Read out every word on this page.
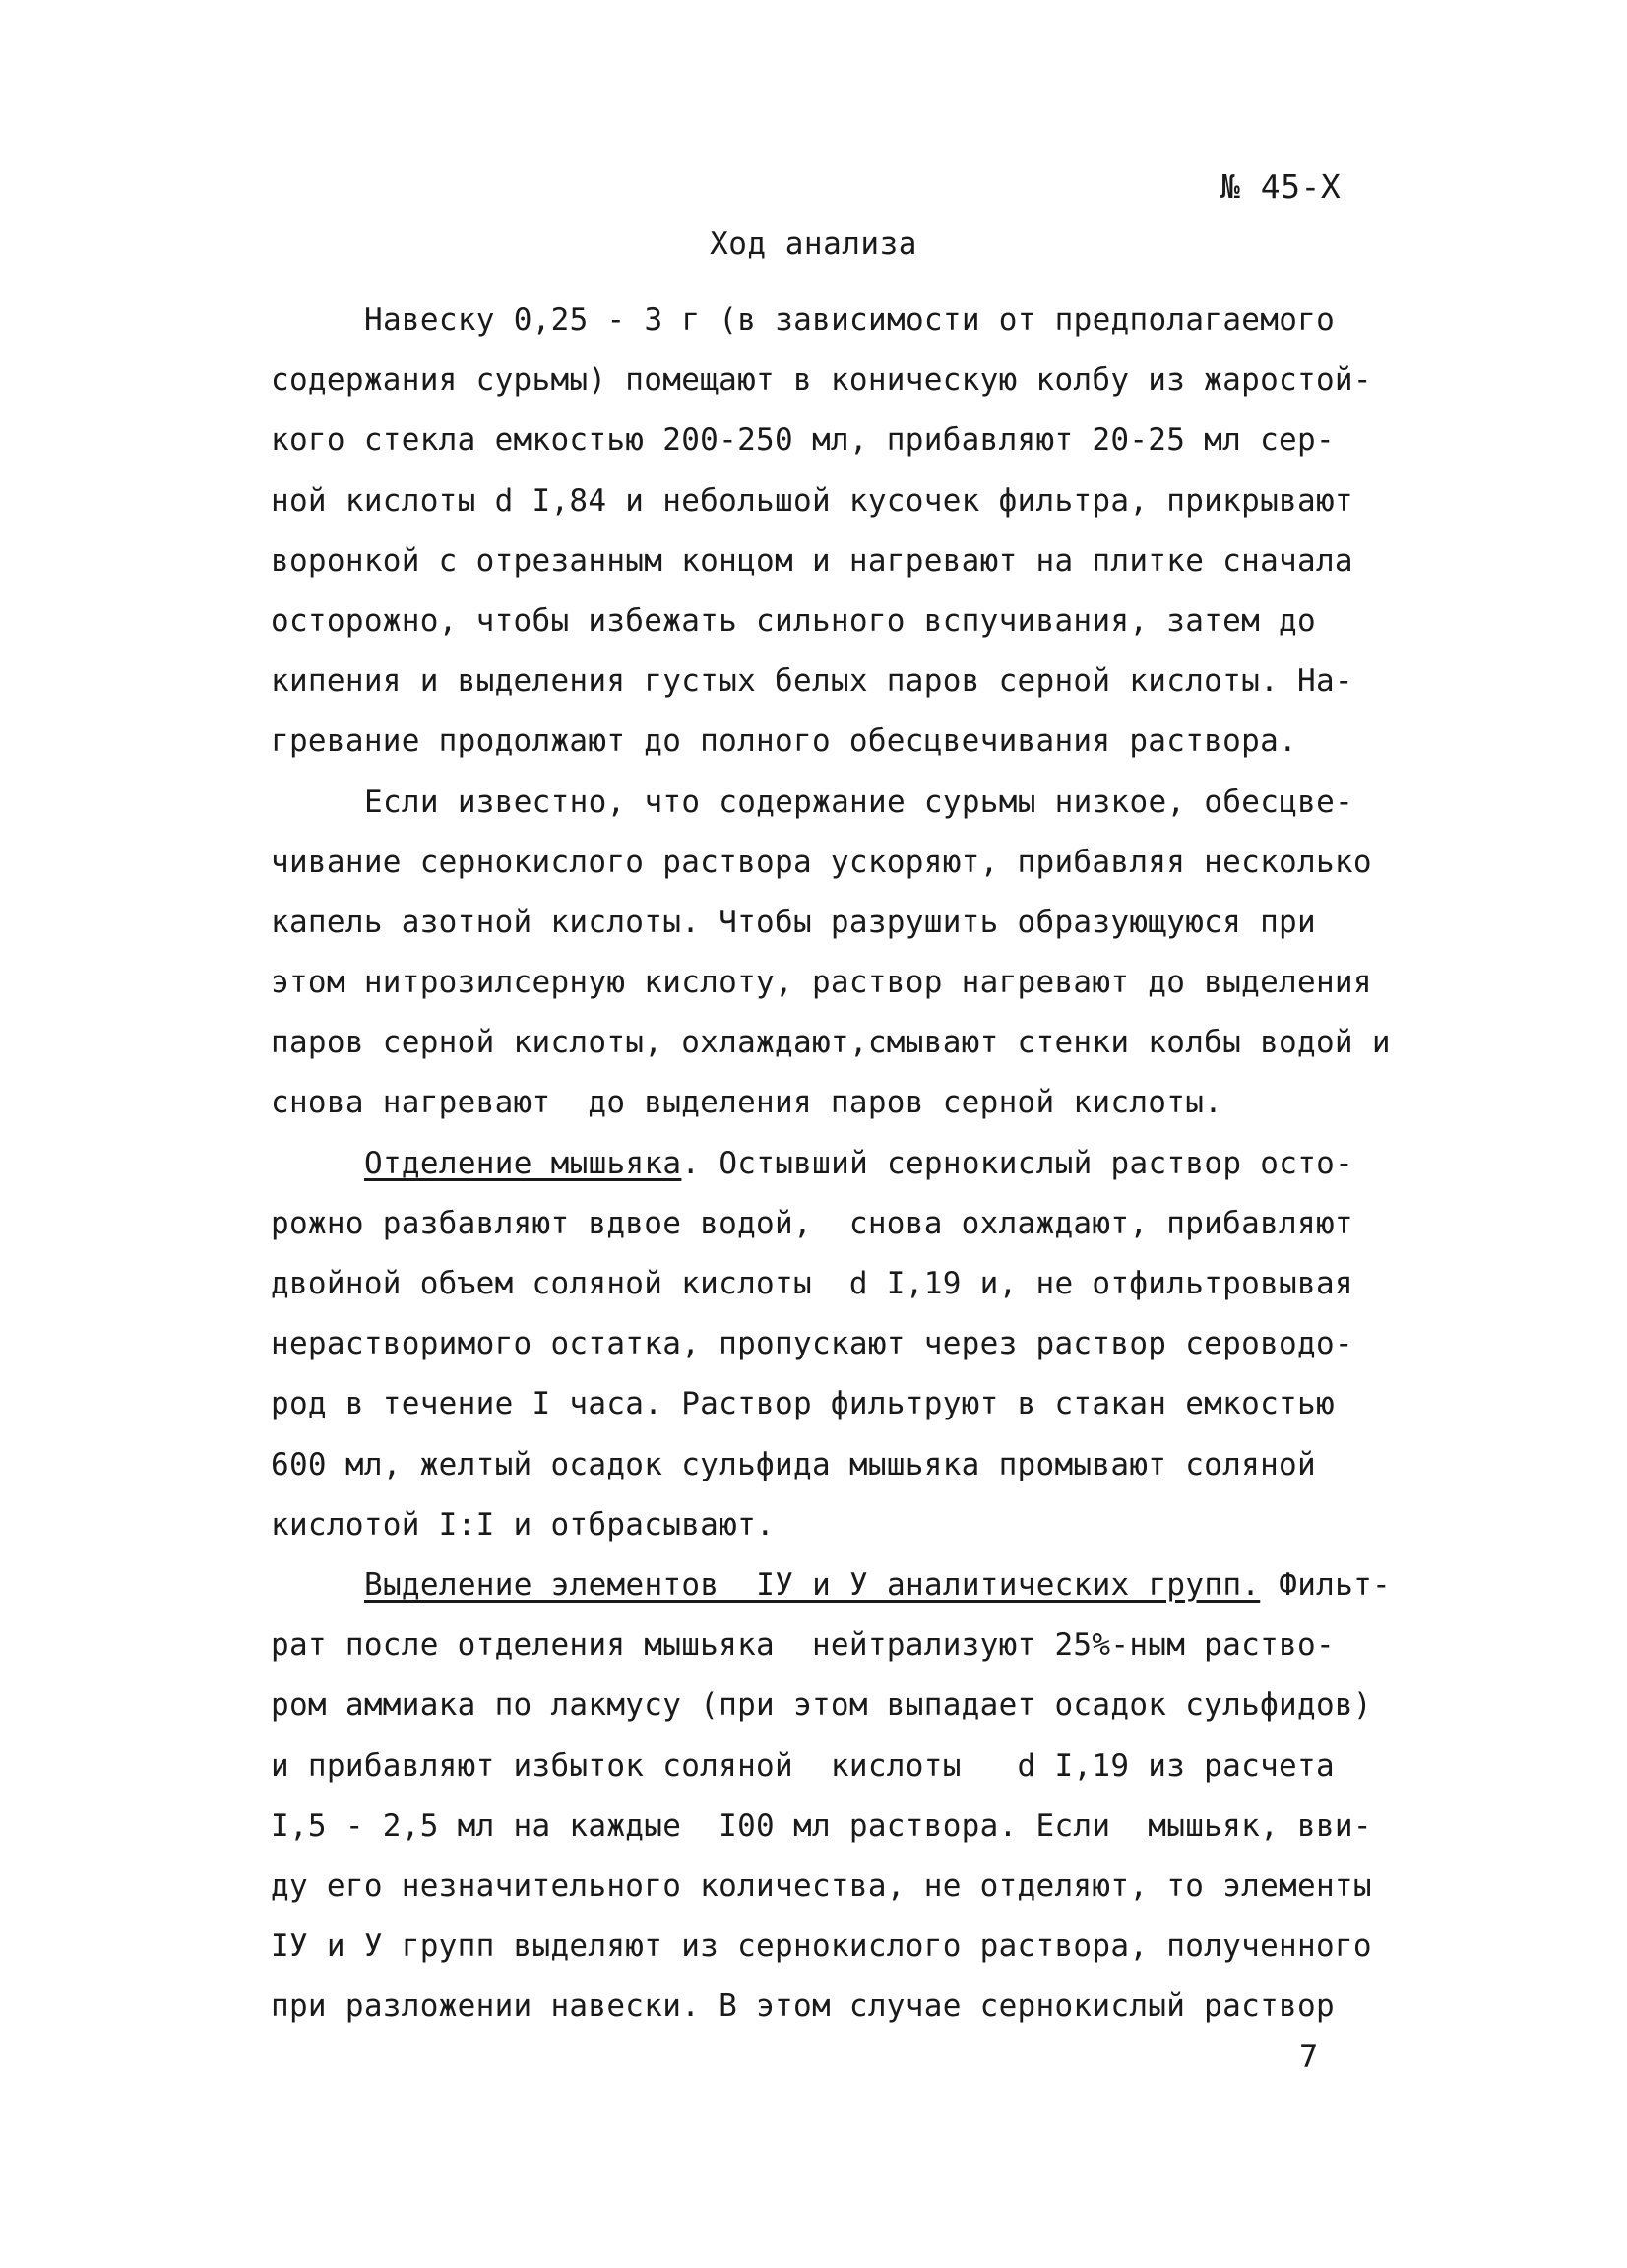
№ 45-Х
Ход анализа
Навеску 0,25 - 3 г (в зависимости от предполагаемого
содержания сурьмы) помещают в коническую колбу из жаростой-
кого стекла емкостью 200-250 мл, прибавляют 20-25 мл сер-
ной кислоты d I,84 и небольшой кусочек фильтра, прикрывают
воронкой с отрезанным концом и нагревают на плитке сначала
осторожно, чтобы избежать сильного вспучивания, затем до
кипения и выделения густых белых паров серной кислоты. На-
гревание продолжают до полного обесцвечивания раствора.
Если известно, что содержание сурьмы низкое, обесцве-
чивание сернокислого раствора ускоряют, прибавляя несколько
капель азотной кислоты. Чтобы разрушить образующуюся при
этом нитрозилсерную кислоту, раствор нагревают до выделения
паров серной кислоты, охлаждают,смывают стенки колбы водой и
снова нагревают  до выделения паров серной кислоты.
Отделение мышьяка. Остывший сернокислый раствор осто-
рожно разбавляют вдвое водой,  снова охлаждают, прибавляют
двойной объем соляной кислоты  d I,19 и, не отфильтровывая
нерастворимого остатка, пропускают через раствор сероводо-
род в течение I часа. Раствор фильтруют в стакан емкостью
600 мл, желтый осадок сульфида мышьяка промывают соляной
кислотой I:I и отбрасывают.
Выделение элементов  IУ и У аналитических групп. Фильт-
рат после отделения мышьяка  нейтрализуют 25%-ным раство-
ром аммиака по лакмусу (при этом выпадает осадок сульфидов)
и прибавляют избыток соляной  кислоты   d I,19 из расчета
I,5 - 2,5 мл на каждые  I00 мл раствора. Если  мышьяк, вви-
ду его незначительного количества, не отделяют, то элементы
IУ и У групп выделяют из сернокислого раствора, полученного
при разложении навески. В этом случае сернокислый раствор
7
